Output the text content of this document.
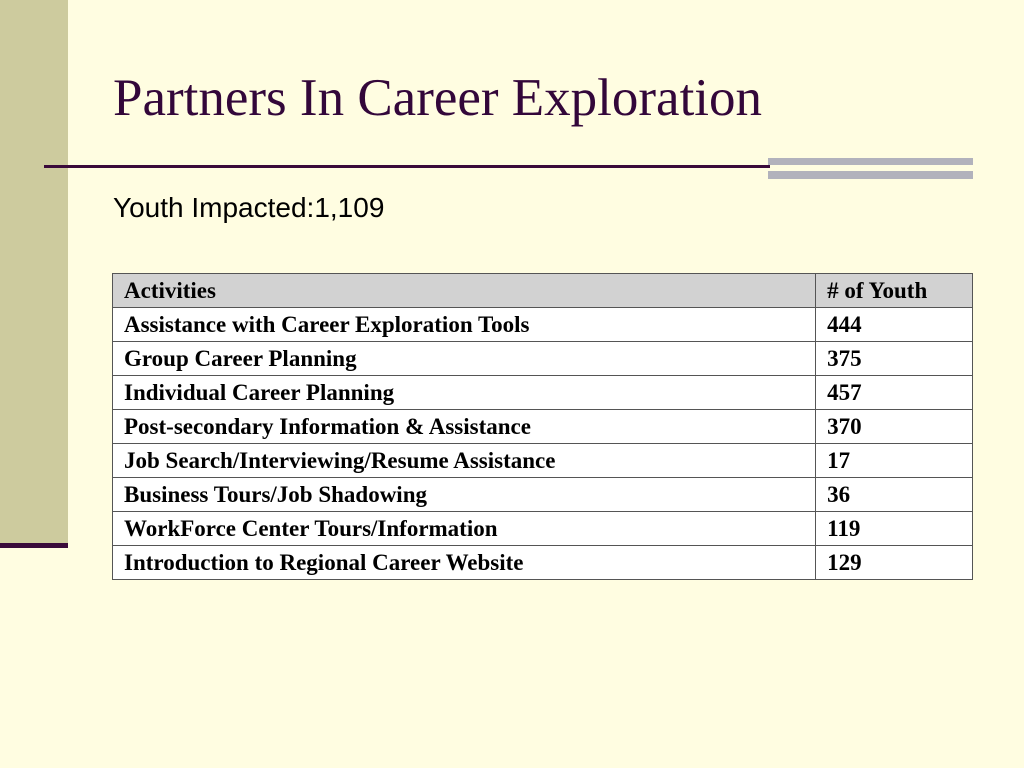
Partners In Career Exploration

Youth Impacted:1,109

Activities	# of Youth
Assistance with Career Exploration Tools	444
Group Career Planning	375
Individual Career Planning	457
Post-secondary Information & Assistance	370
Job Search/Interviewing/Resume Assistance	17
Business Tours/Job Shadowing	36
WorkForce Center Tours/Information	119
Introduction to Regional Career Website	129
